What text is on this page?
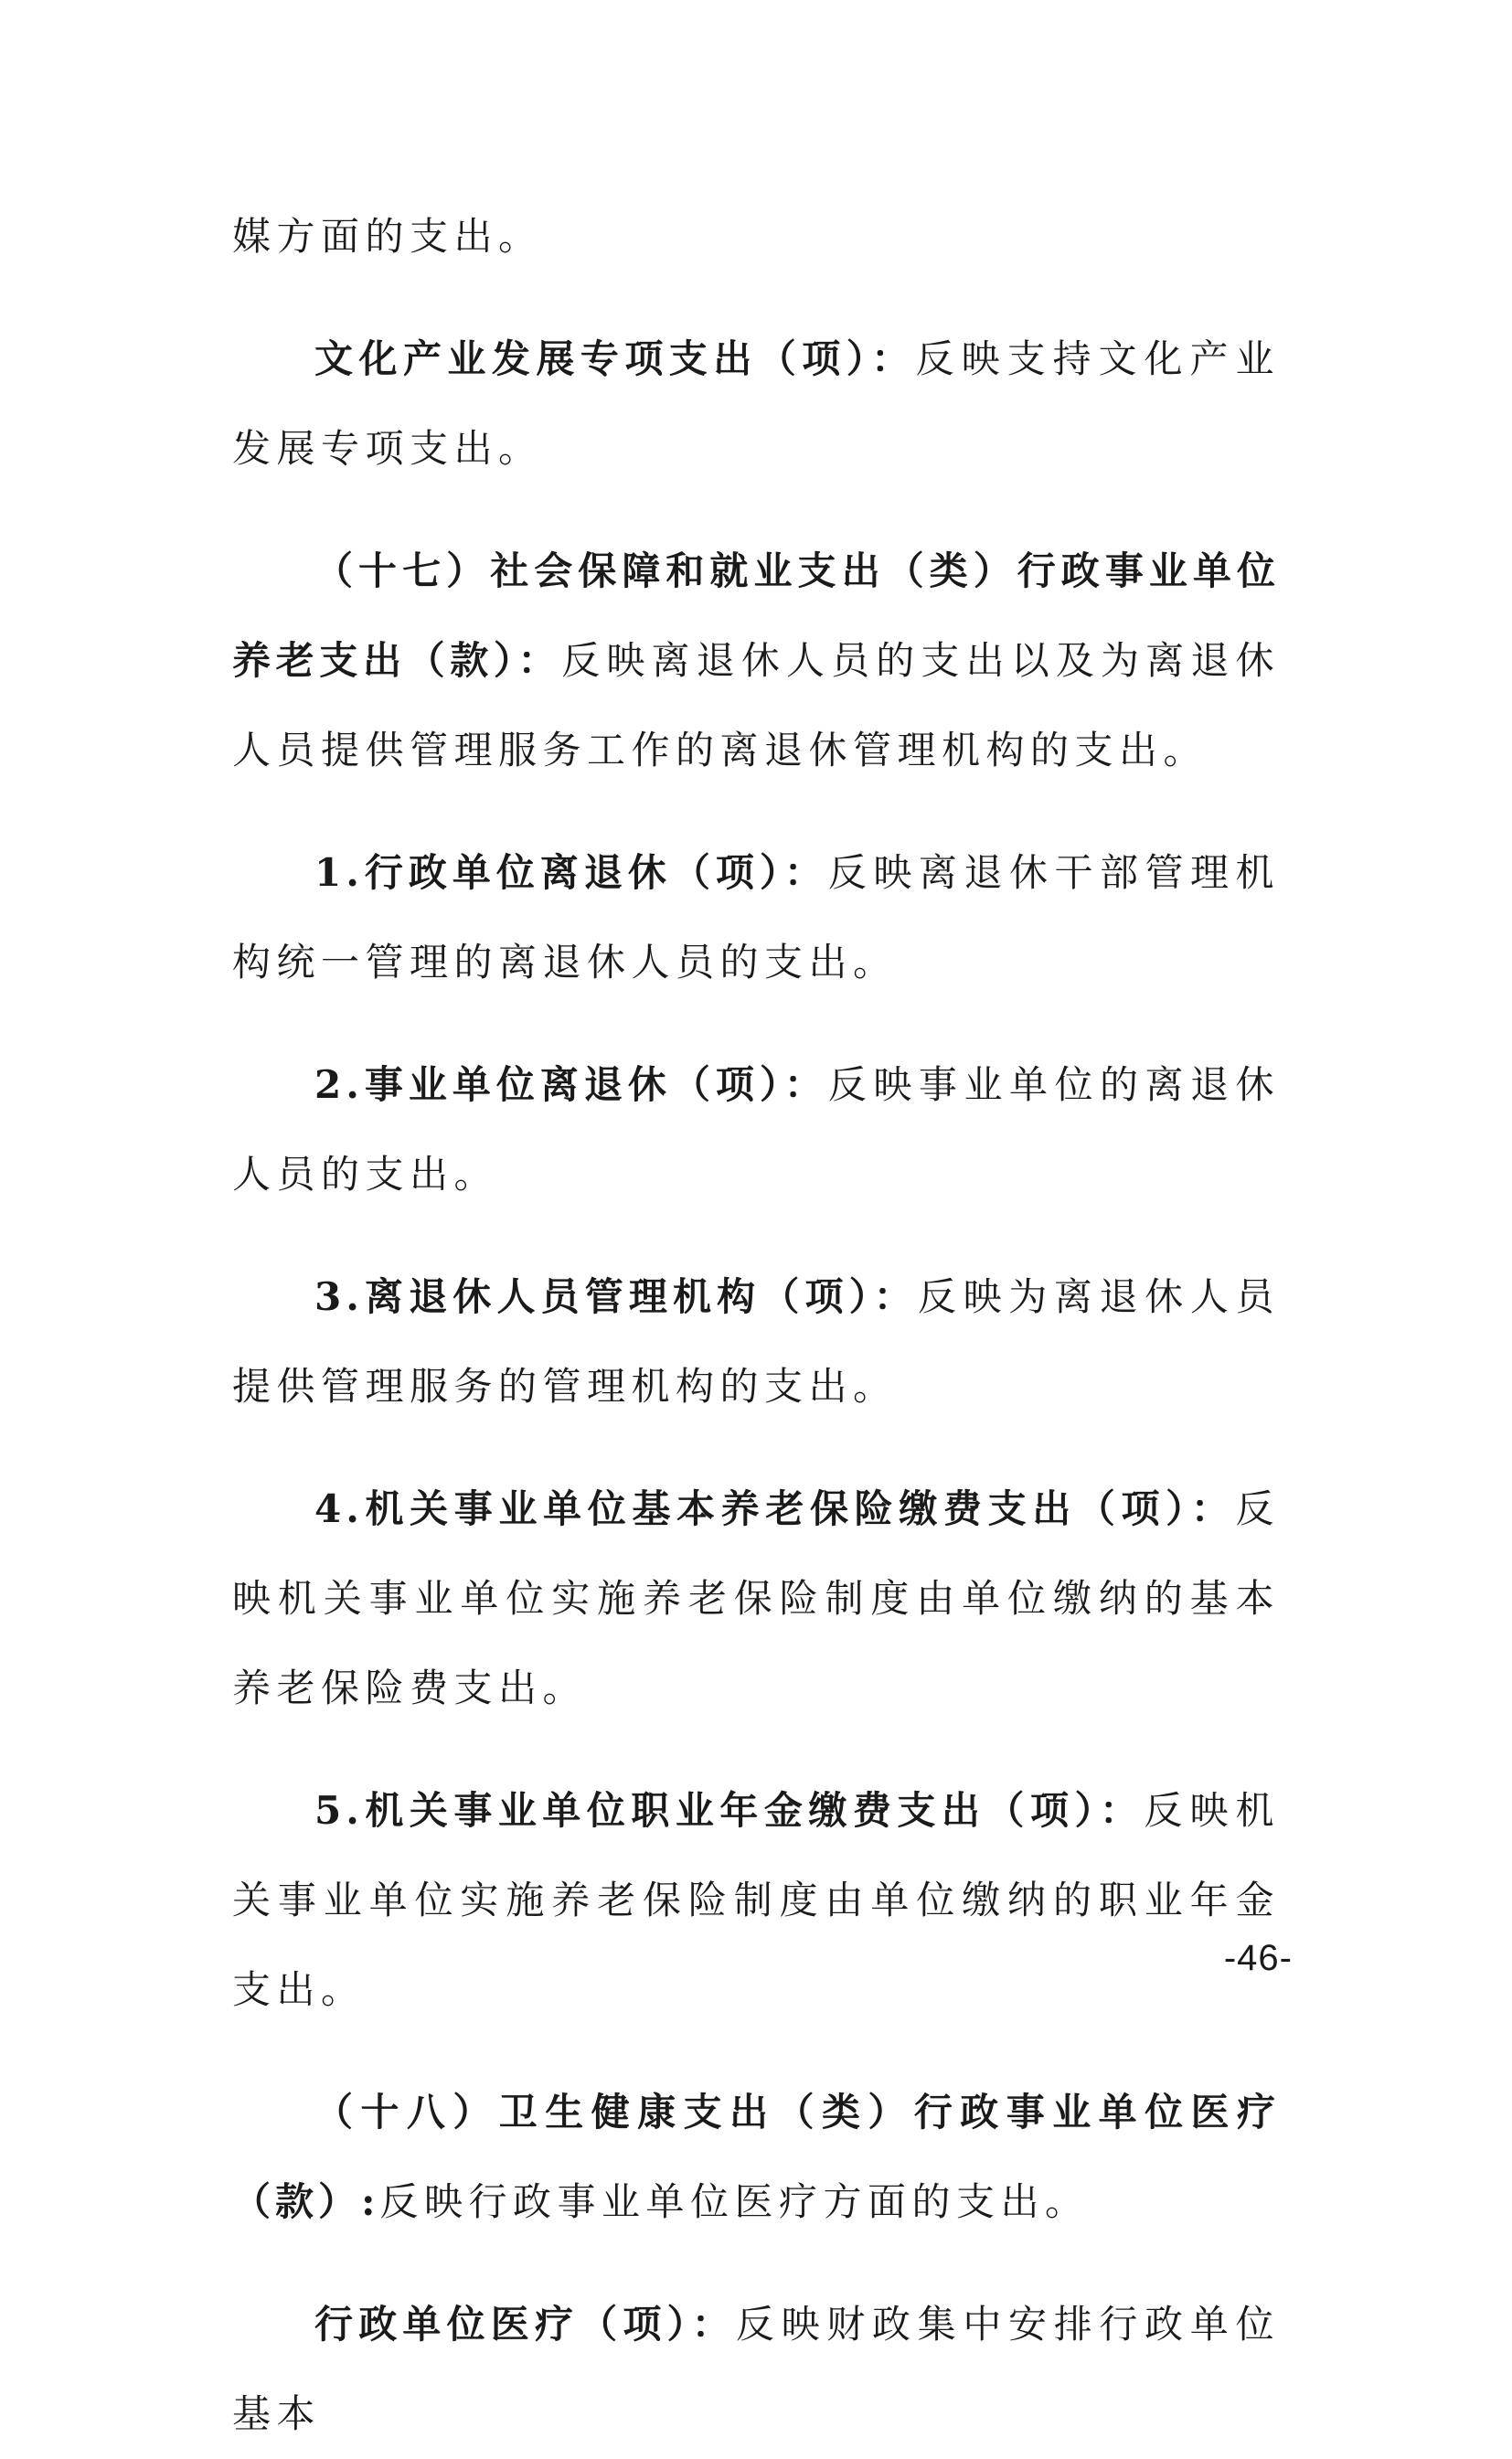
媒方面的支出。

文化产业发展专项支出（项）：反映支持文化产业发展专项支出。

（十七）社会保障和就业支出（类）行政事业单位养老支出（款）：反映离退休人员的支出以及为离退休人员提供管理服务工作的离退休管理机构的支出。

1.行政单位离退休（项）：反映离退休干部管理机构统一管理的离退休人员的支出。

2.事业单位离退休（项）：反映事业单位的离退休人员的支出。

3.离退休人员管理机构（项）：反映为离退休人员提供管理服务的管理机构的支出。

4.机关事业单位基本养老保险缴费支出（项）：反映机关事业单位实施养老保险制度由单位缴纳的基本养老保险费支出。

5.机关事业单位职业年金缴费支出（项）：反映机关事业单位实施养老保险制度由单位缴纳的职业年金支出。

（十八）卫生健康支出（类）行政事业单位医疗（款）:反映行政事业单位医疗方面的支出。

行政单位医疗（项）：反映财政集中安排行政单位基本

-46-
